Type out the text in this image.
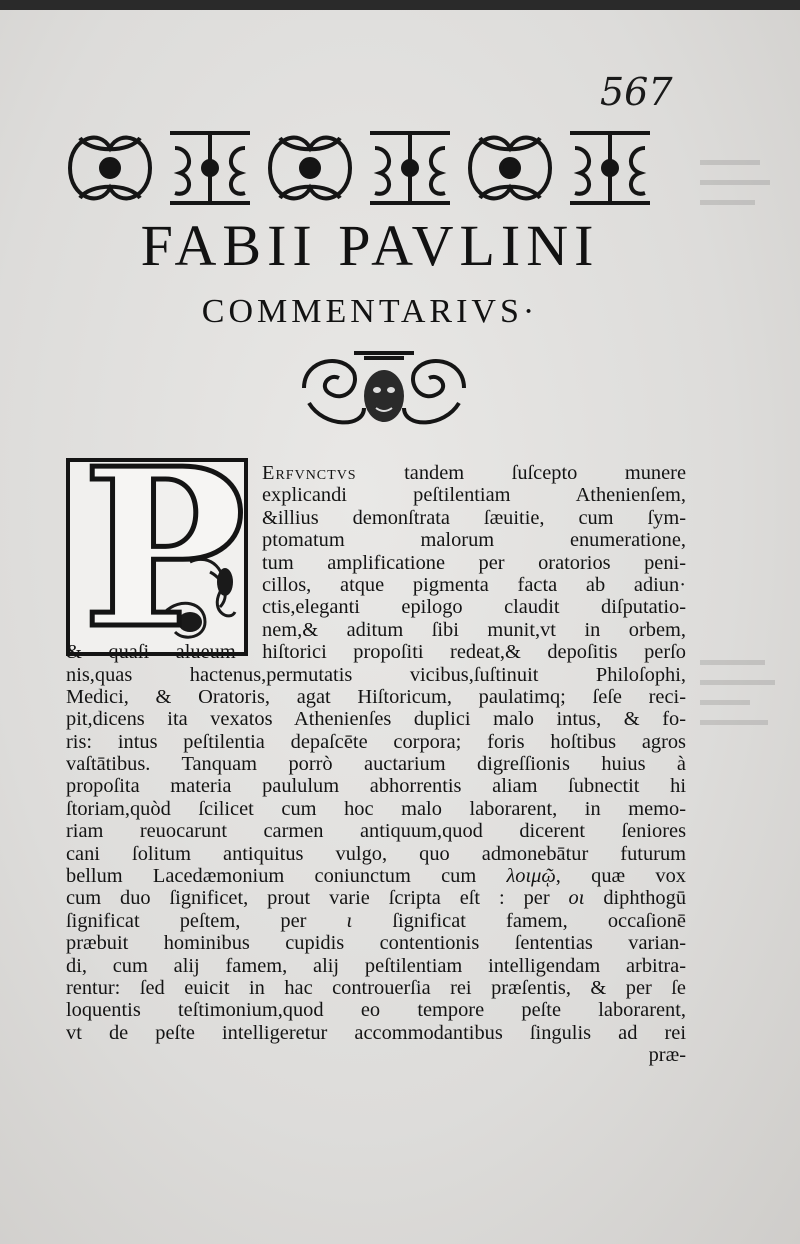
567
FABII PAVLINI
COMMENTARIVS·
P Erfvnctvs tandem ſuſcepto munere
explicandi peſtilentiam Athenienſem,
&illius demonſtrata ſæuitie, cum ſym-
ptomatum malorum enumeratione,
tum amplificatione per oratorios peni-
cillos, atque pigmenta facta ab adiun·
ctis,eleganti epilogo claudit diſputatio-
nem,& aditum ſibi munit,vt in orbem,
& quaſi alueum hiſtorici propoſiti redeat,& depoſitis perſo
nis,quas hactenus,permutatis vicibus,ſuſtinuit Philoſophi,
Medici, & Oratoris, agat Hiſtoricum, paulatimq; ſeſe reci-
pit,dicens ita vexatos Athenienſes duplici malo intus, & fo-
ris: intus peſtilentia depaſcēte corpora; foris hoſtibus agros
vaſtātibus. Tanquam porrò auctarium digreſſionis huius à
propoſita materia paululum abhorrentis aliam ſubnectit hi
ſtoriam,quòd ſcilicet cum hoc malo laborarent, in memo-
riam reuocarunt carmen antiquum,quod dicerent ſeniores
cani ſolitum antiquitus vulgo, quo admonebātur futurum
bellum Lacedæmonium coniunctum cum λοιμῷ, quæ vox
cum duo ſignificet, prout varie ſcripta eſt : per οι diphthogū
ſignificat peſtem, per ι ſignificat famem, occaſionē
præbuit hominibus cupidis contentionis ſententias varian-
di, cum alij famem, alij peſtilentiam intelligendam arbitra-
rentur: ſed euicit in hac controuerſia rei præſentis, & per ſe
loquentis teſtimonium,quod eo tempore peſte laborarent,
vt de peſte intelligeretur accommodantibus ſingulis ad rei
præ-
